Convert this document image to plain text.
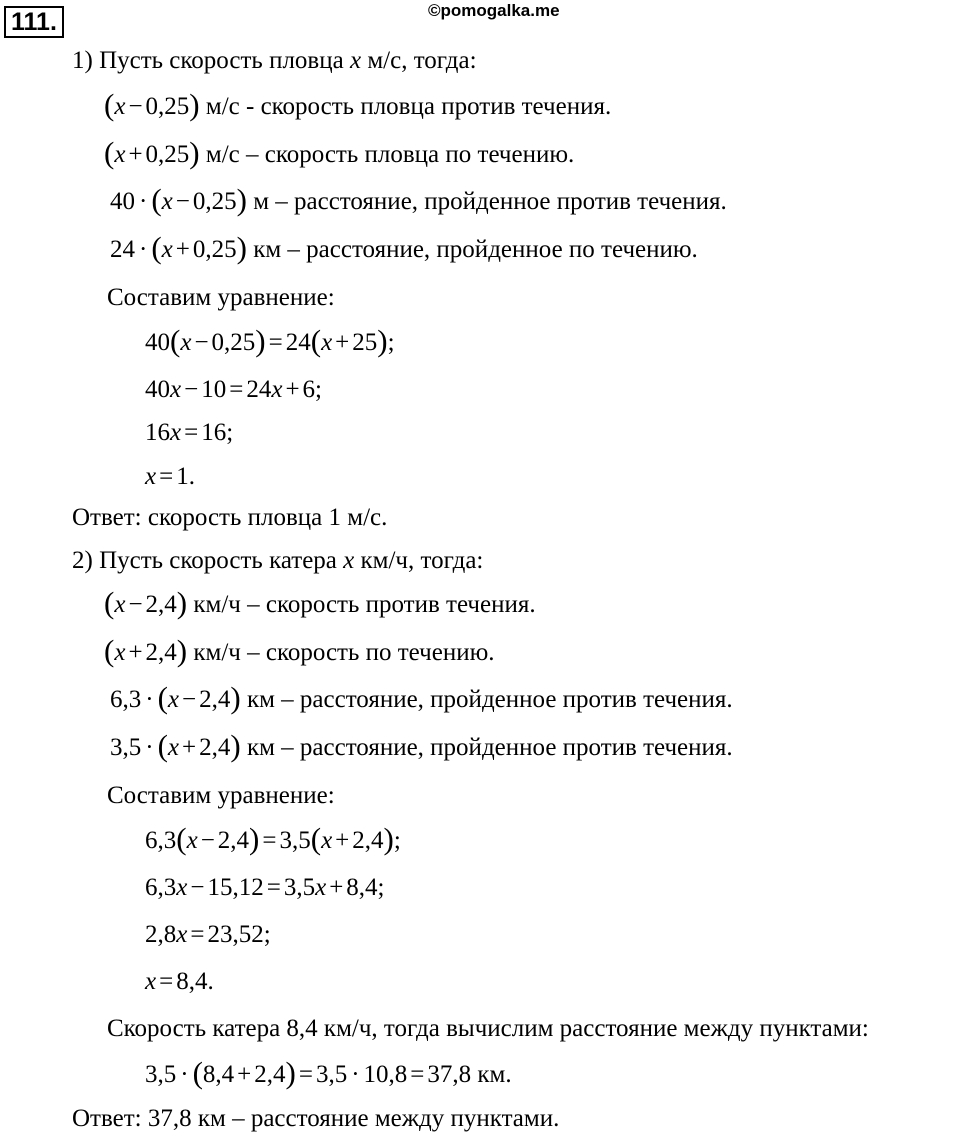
111.	©pomogalka.me
1) Пусть скорость пловца x м/с, тогда:
(x − 0,25) м/с - скорость пловца против течения.
(x + 0,25) м/с – скорость пловца по течению.
40 · (x − 0,25) м – расстояние, пройденное против течения.
24 · (x + 0,25) км – расстояние, пройденное по течению.
Составим уравнение:
40(x − 0,25) = 24(x + 25);
40x − 10 = 24x + 6;
16x = 16;
x = 1.
Ответ: скорость пловца 1 м/с.
2) Пусть скорость катера x км/ч, тогда:
(x − 2,4) км/ч – скорость против течения.
(x + 2,4) км/ч – скорость по течению.
6,3 · (x − 2,4) км – расстояние, пройденное против течения.
3,5 · (x + 2,4) км – расстояние, пройденное против течения.
Составим уравнение:
6,3(x − 2,4) = 3,5(x + 2,4);
6,3x − 15,12 = 3,5x + 8,4;
2,8x = 23,52;
x = 8,4.
Скорость катера 8,4 км/ч, тогда вычислим расстояние между пунктами:
3,5 · (8,4 + 2,4) = 3,5 · 10,8 = 37,8 км.
Ответ: 37,8 км – расстояние между пунктами.
